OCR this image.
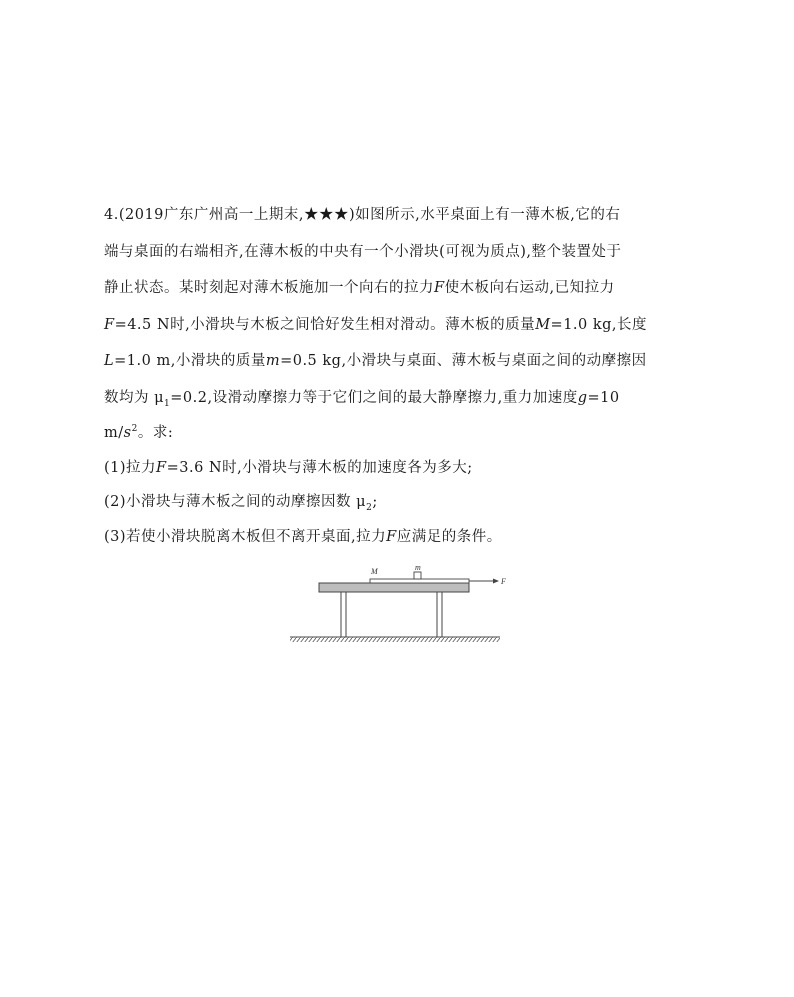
4.(2019广东广州高一上期末,★★★)如图所示,水平桌面上有一薄木板,它的右
端与桌面的右端相齐,在薄木板的中央有一个小滑块(可视为质点),整个装置处于
静止状态。某时刻起对薄木板施加一个向右的拉力F使木板向右运动,已知拉力
F=4.5 N时,小滑块与木板之间恰好发生相对滑动。薄木板的质量M=1.0 kg,长度
L=1.0 m,小滑块的质量m=0.5 kg,小滑块与桌面、薄木板与桌面之间的动摩擦因
数均为 $\mu_1=0.2$,设滑动摩擦力等于它们之间的最大静摩擦力,重力加速度g=10
$m/s^2$。求:
(1)拉力F=3.6 N时,小滑块与薄木板的加速度各为多大;
(2)小滑块与薄木板之间的动摩擦因数 $\mu_2$;
(3)若使小滑块脱离木板但不离开桌面,拉力F应满足的条件。
M	m
F
